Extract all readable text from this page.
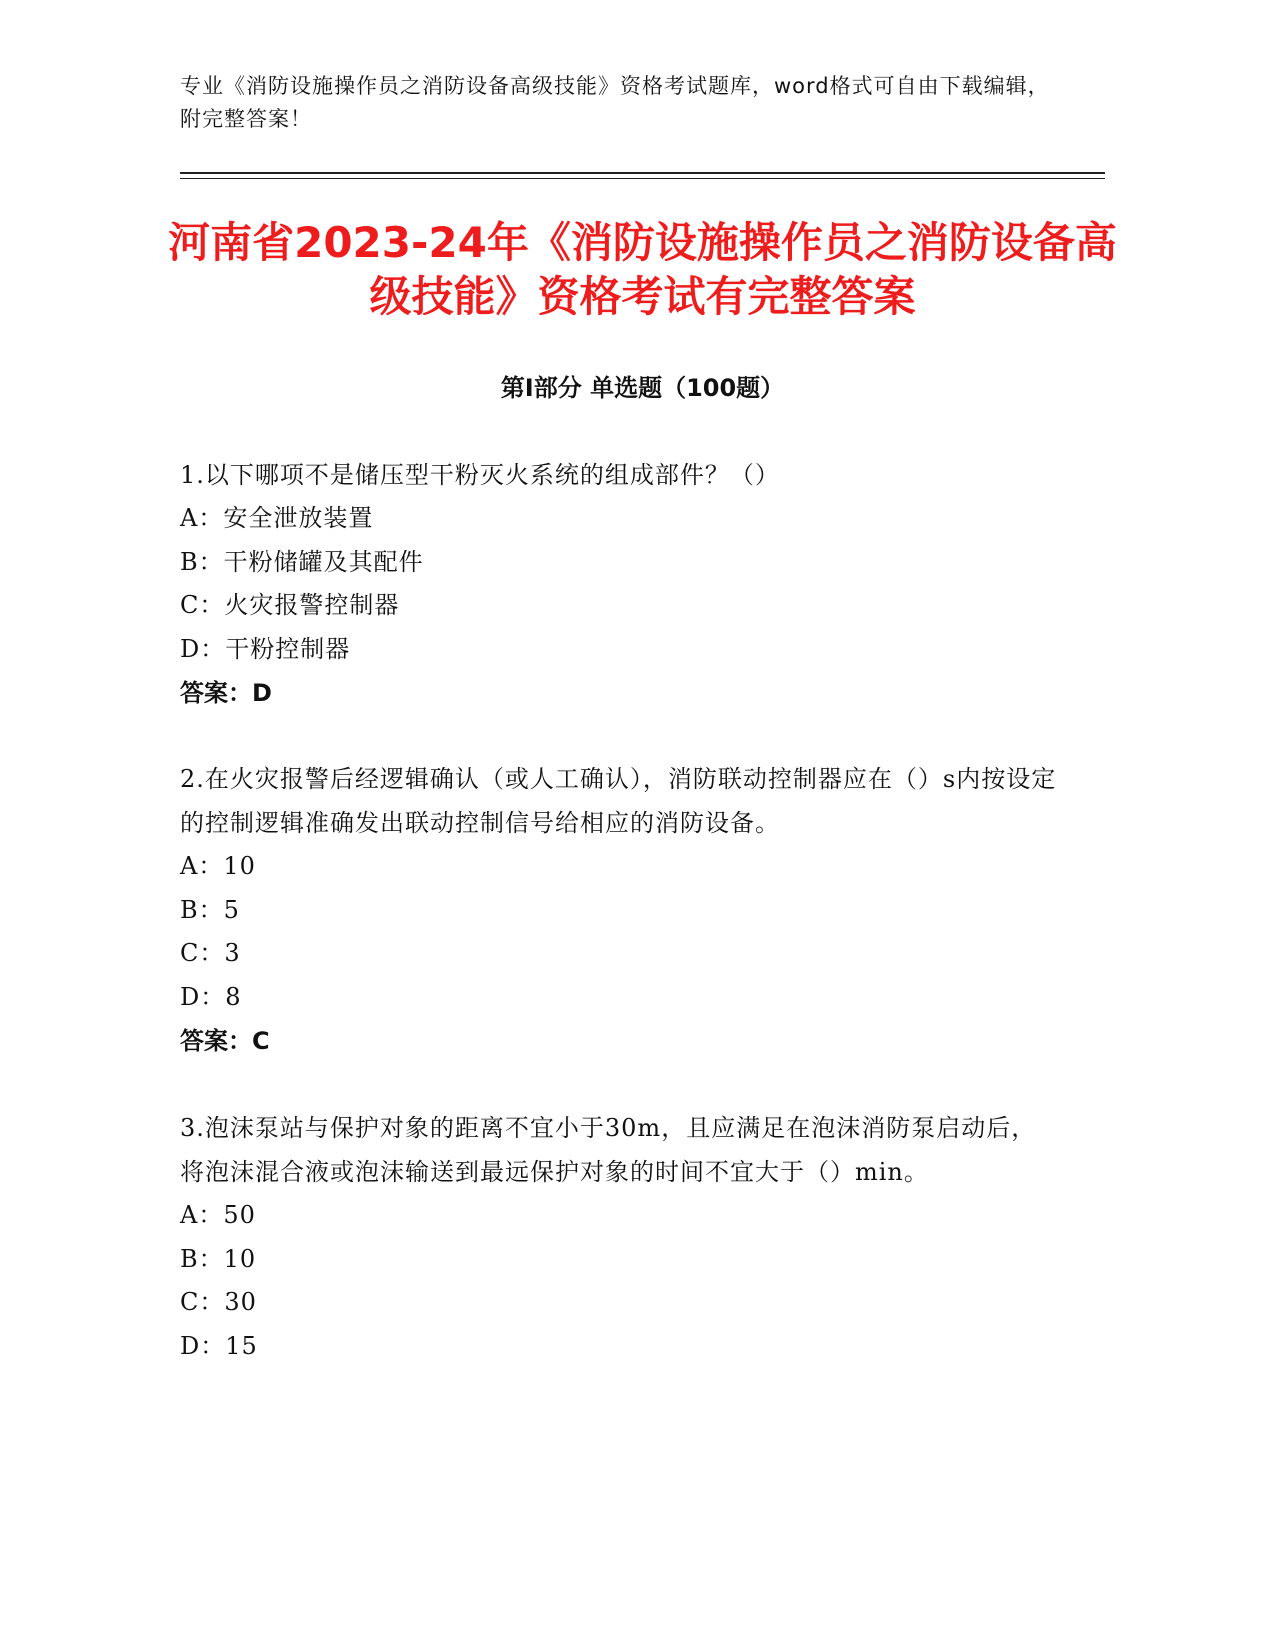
专业《消防设施操作员之消防设备高级技能》资格考试题库，word格式可自由下载编辑，附完整答案！
河南省2023-24年《消防设施操作员之消防设备高级技能》资格考试有完整答案
第Ⅰ部分 单选题（100题）
1.以下哪项不是储压型干粉灭火系统的组成部件？（）
A：安全泄放装置
B：干粉储罐及其配件
C：火灾报警控制器
D：干粉控制器
答案：D
2.在火灾报警后经逻辑确认（或人工确认），消防联动控制器应在（）s内按设定的控制逻辑准确发出联动控制信号给相应的消防设备。
A：10
B：5
C：3
D：8
答案：C
3.泡沫泵站与保护对象的距离不宜小于30m，且应满足在泡沫消防泵启动后，将泡沫混合液或泡沫输送到最远保护对象的时间不宜大于（）min。
A：50
B：10
C：30
D：15
